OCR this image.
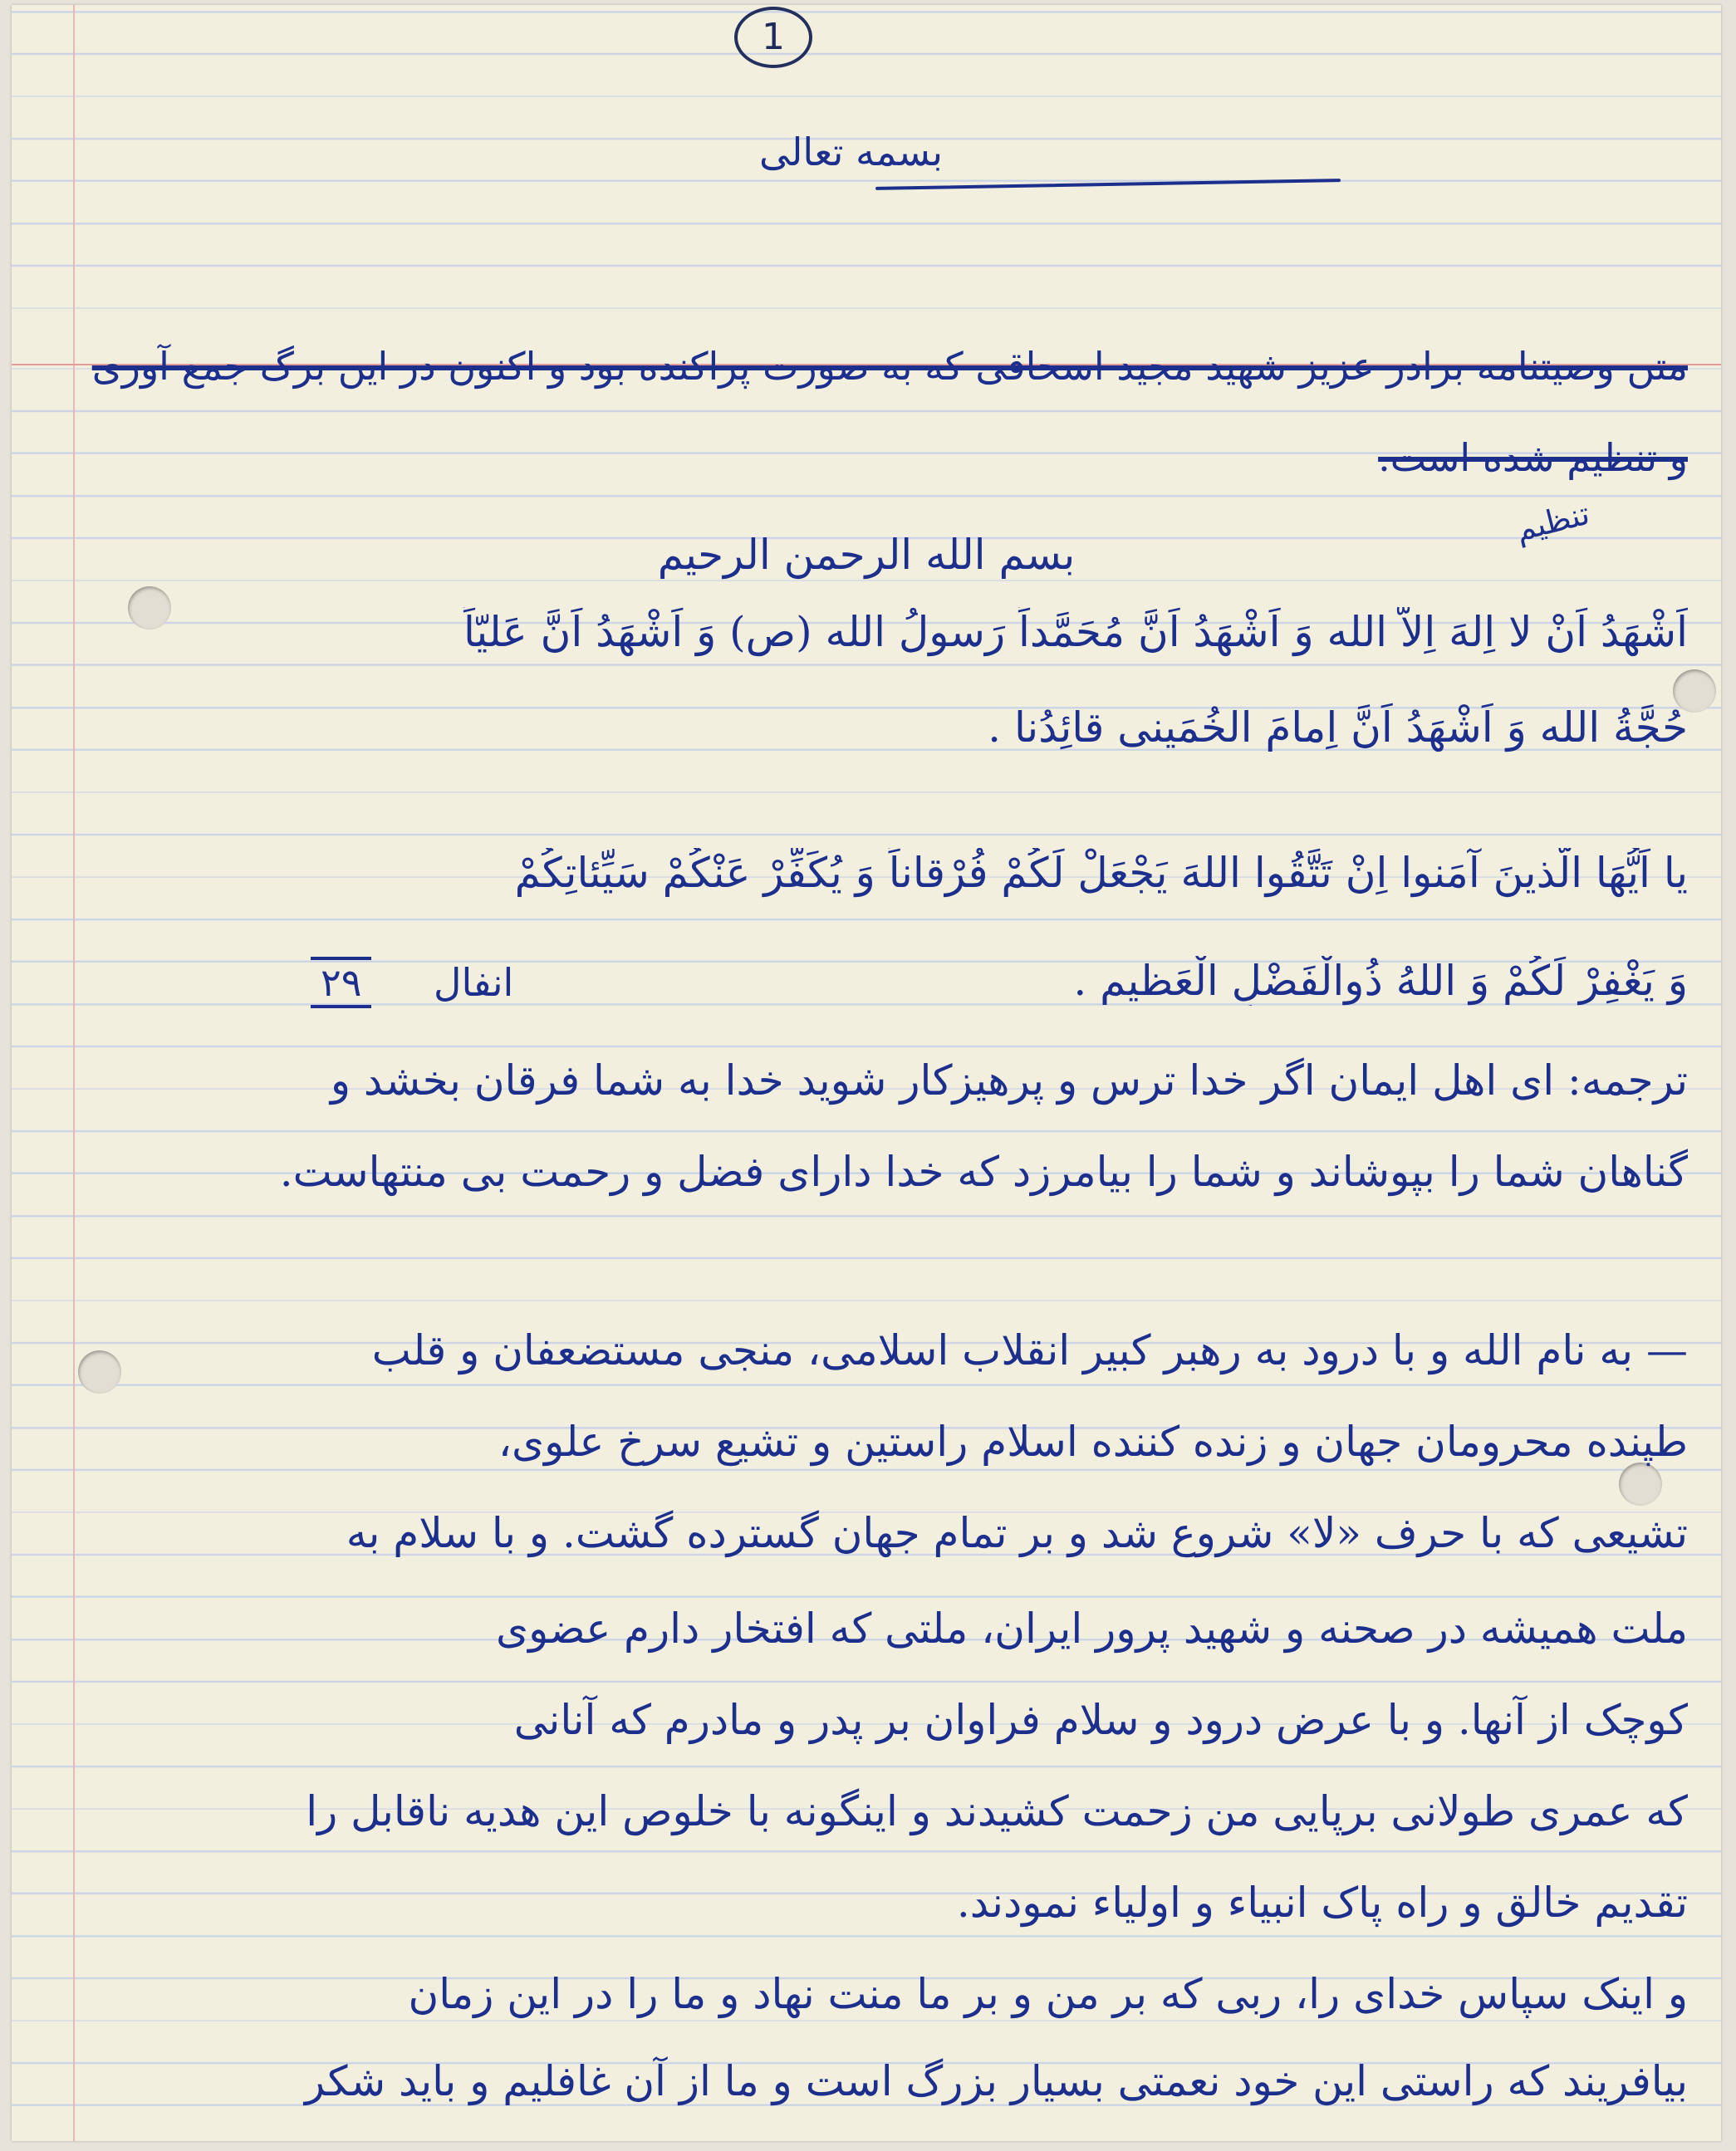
1
بسمه تعالی
متن وصیتنامه برادر عزیز شهید مجید اسحاقی که به صورت پراکنده بود و اکنون در این برگ جمع آوری
و تنظیم شده است.
تنظیم
بسم الله الرحمن الرحیم
اَشْهَدُ اَنْ لا اِلهَ اِلاّ الله وَ اَشْهَدُ اَنَّ مُحَمَّداً رَسولُ الله (ص) وَ اَشْهَدُ اَنَّ عَلیّاً
حُجَّةُ الله وَ اَشْهَدُ اَنَّ اِمامَ الخُمَینی قائِدُنا .
یا اَیُّهَا الَّذینَ آمَنوا اِنْ تَتَّقُوا اللهَ یَجْعَلْ لَکُمْ فُرْقاناً وَ یُکَفِّرْ عَنْکُمْ سَیِّئاتِکُمْ
وَ یَغْفِرْ لَکُمْ وَ اللهُ ذُوالْفَضْلِ الْعَظیم .
انفال ۲۹
ترجمه: ای اهل ایمان اگر خدا ترس و پرهیزکار شوید خدا به شما فرقان بخشد و
گناهان شما را بپوشاند و شما را بیامرزد که خدا دارای فضل و رحمت بی منتهاست.
— به نام الله و با درود به رهبر کبیر انقلاب اسلامی، منجی مستضعفان و قلب
طپنده محرومان جهان و زنده کننده اسلام راستین و تشیع سرخ علوی،
تشیعی که با حرف «لا» شروع شد و بر تمام جهان گسترده گشت. و با سلام به
ملت همیشه در صحنه و شهید پرور ایران، ملتی که افتخار دارم عضوی
کوچک از آنها. و با عرض درود و سلام فراوان بر پدر و مادرم که آنانی
که عمری طولانی برپایی من زحمت کشیدند و اینگونه با خلوص این هدیه ناقابل را
تقدیم خالق و راه پاک انبیاء و اولیاء نمودند.
و اینک سپاس خدای را، ربی که بر من و بر ما منت نهاد و ما را در این زمان
بیافریند که راستی این خود نعمتی بسیار بزرگ است و ما از آن غافلیم و باید شکر
